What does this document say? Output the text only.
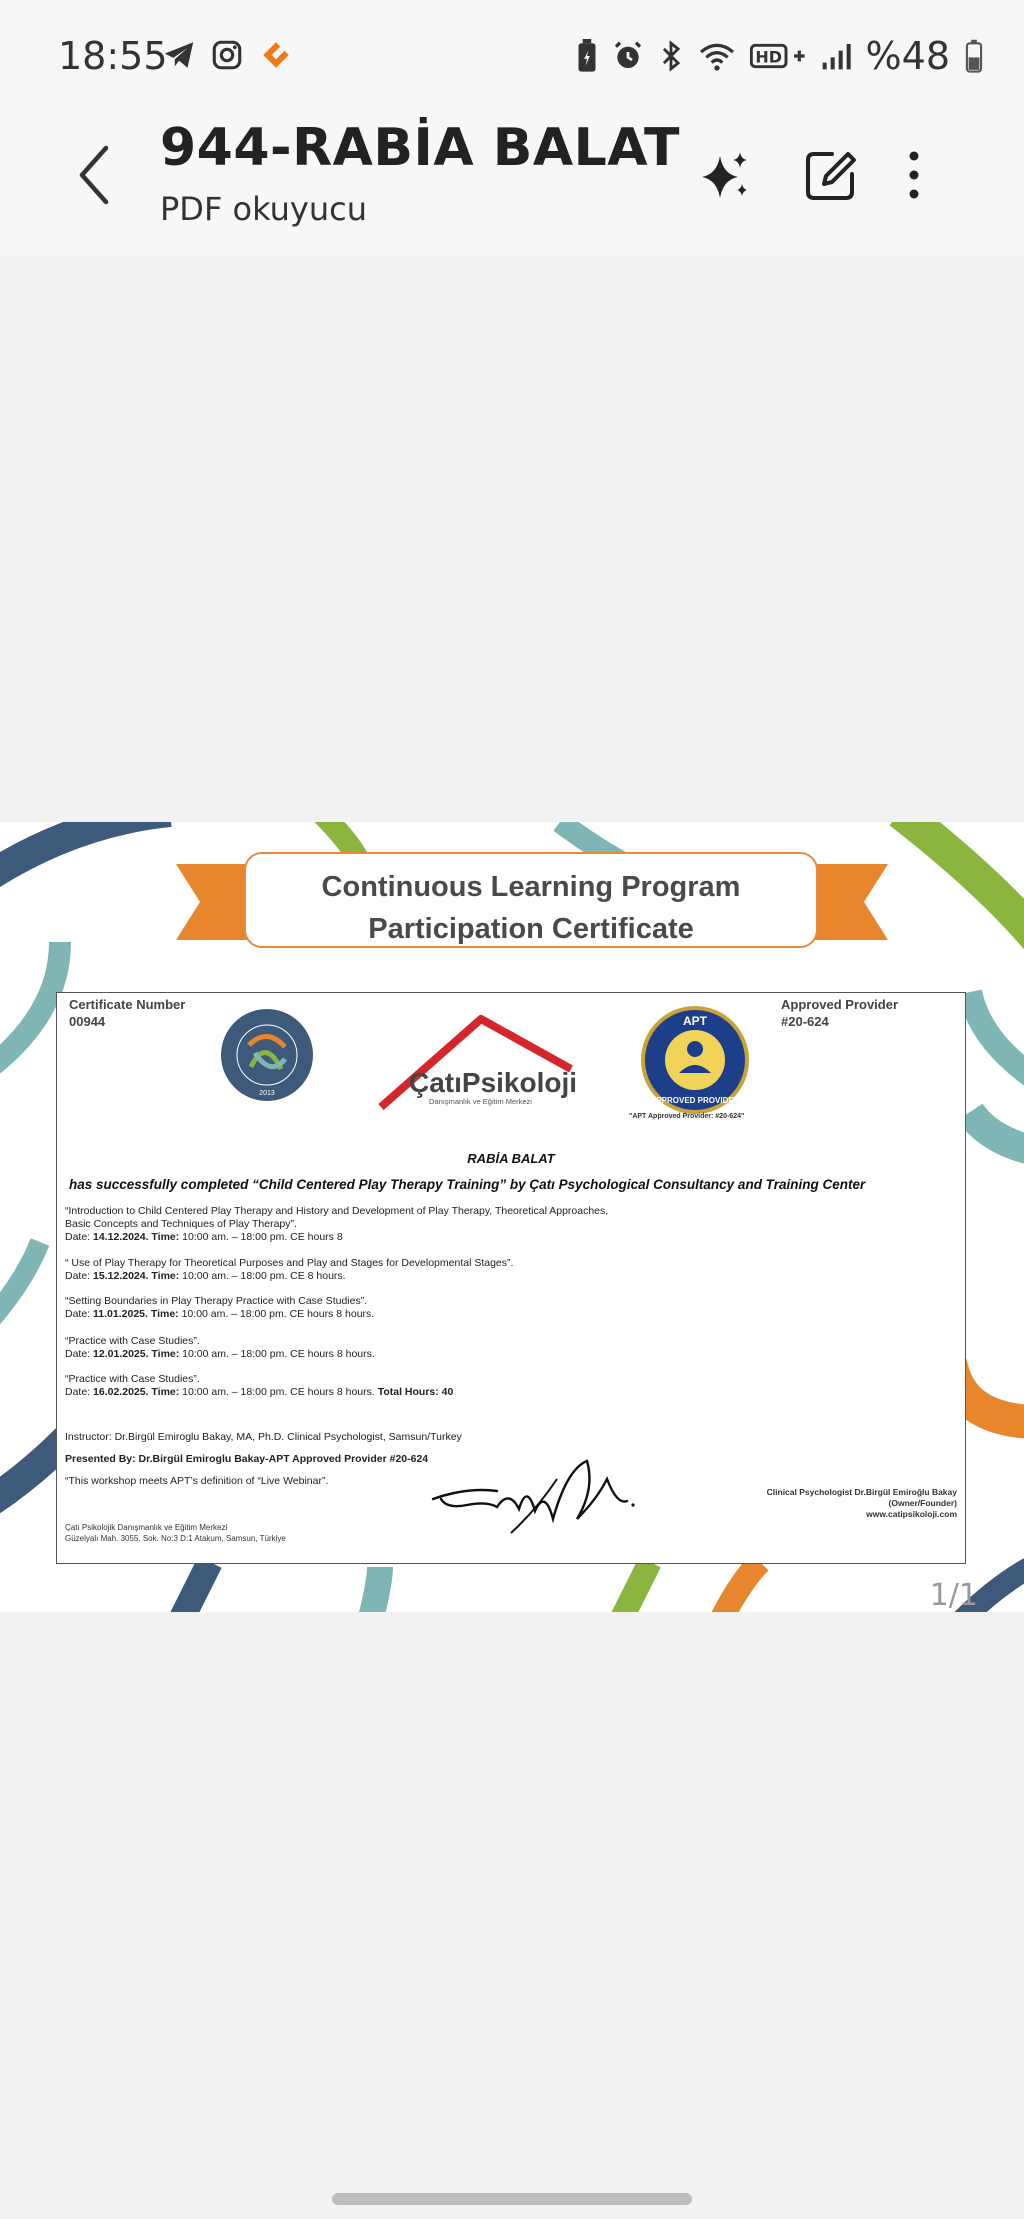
18:55	HD %48
944-RABİA BALAT
PDF okuyucu
Continuous Learning Program
Participation Certificate
Certificate Number
00944
Approved Provider
#20-624
2013	ÇatıPsikoloji
Danışmanlık ve Eğitim Merkezi
APT
APPROVED PROVIDER
"APT Approved Provider: #20-624"
RABİA BALAT
has successfully completed “Child Centered Play Therapy Training” by Çatı Psychological Consultancy and Training Center
“Introduction to Child Centered Play Therapy and History and Development of Play Therapy, Theoretical Approaches,
Basic Concepts and Techniques of Play Therapy”.
Date: 14.12.2024. Time: 10:00 am. – 18:00 pm. CE hours 8
“ Use of Play Therapy for Theoretical Purposes and Play and Stages for Developmental Stages”.
Date: 15.12.2024. Time: 10:00 am. – 18:00 pm. CE 8 hours.
“Setting Boundaries in Play Therapy Practice with Case Studies”.
Date: 11.01.2025. Time: 10:00 am. – 18:00 pm. CE hours 8 hours.
“Practice with Case Studies”.
Date: 12.01.2025. Time: 10:00 am. – 18:00 pm. CE hours 8 hours.
“Practice with Case Studies”.
Date: 16.02.2025. Time: 10:00 am. – 18:00 pm. CE hours 8 hours. Total Hours: 40
Instructor: Dr.Birgül Emiroglu Bakay, MA, Ph.D. Clinical Psychologist, Samsun/Turkey
Presented By: Dr.Birgül Emiroglu Bakay-APT Approved Provider #20-624
“This workshop meets APT’s definition of “Live Webinar”.
Çatı Psikolojik Danışmanlık ve Eğitim Merkezi
Güzelyalı Mah. 3055. Sok. No:3 D:1 Atakum, Samsun, Türkiye
Clinical Psychologist Dr.Birgül Emiroğlu Bakay
(Owner/Founder)
www.catipsikoloji.com
1/1
